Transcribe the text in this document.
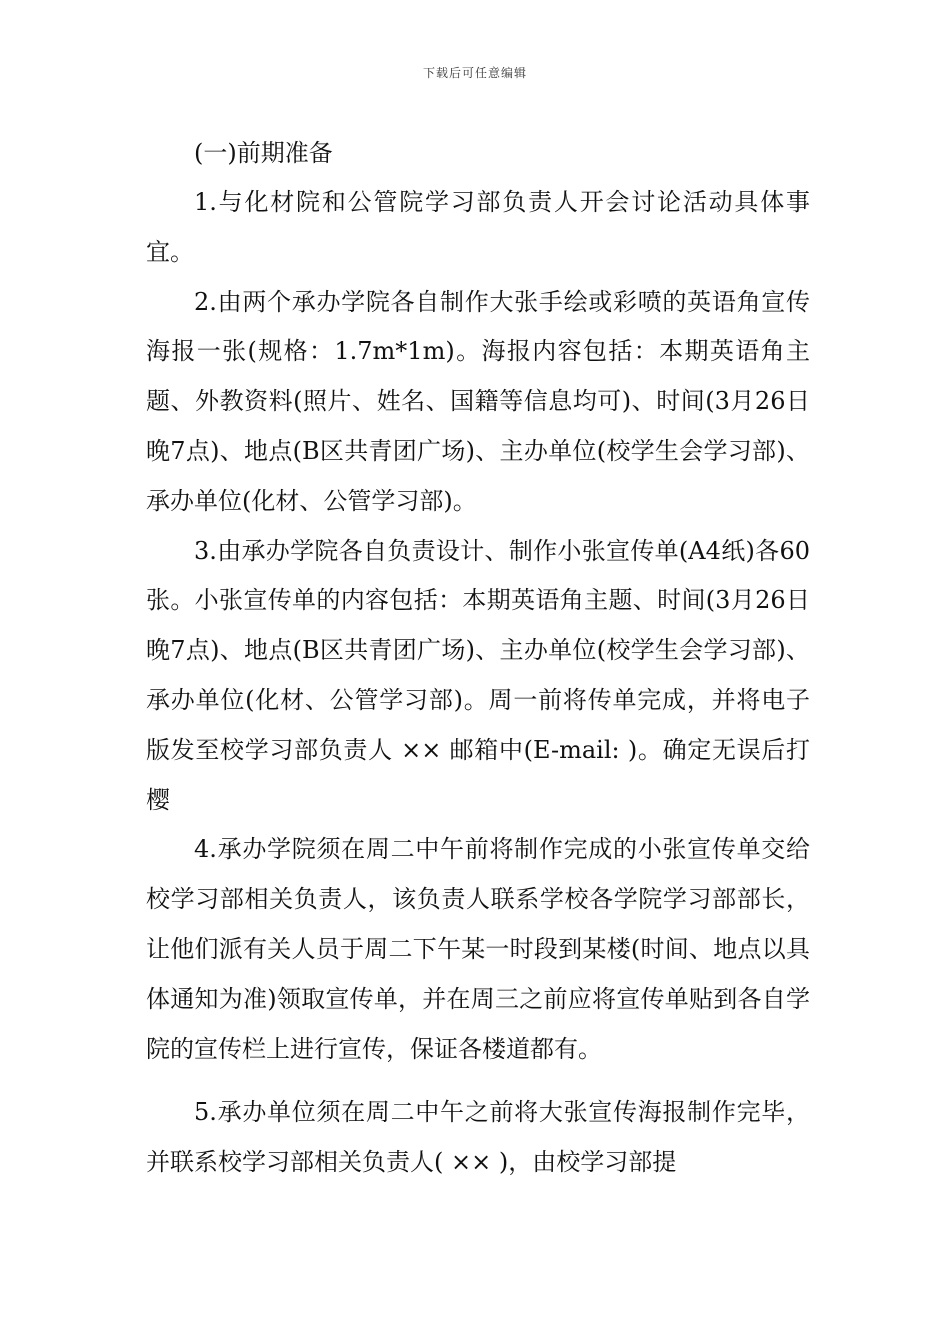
下载后可任意编辑

(一)前期准备

1.与化材院和公管院学习部负责人开会讨论活动具体事宜。

2.由两个承办学院各自制作大张手绘或彩喷的英语角宣传海报一张(规格：1.7m*1m)。海报内容包括：本期英语角主题、外教资料(照片、姓名、国籍等信息均可)、时间(3月26日晚7点)、地点(B区共青团广场)、主办单位(校学生会学习部)、承办单位(化材、公管学习部)。

3.由承办学院各自负责设计、制作小张宣传单(A4纸)各60张。小张宣传单的内容包括：本期英语角主题、时间(3月26日晚7点)、地点(B区共青团广场)、主办单位(校学生会学习部)、承办单位(化材、公管学习部)。周一前将传单完成，并将电子版发至校学习部负责人 ×× 邮箱中(E-mail: )。确定无误后打樱

4.承办学院须在周二中午前将制作完成的小张宣传单交给校学习部相关负责人，该负责人联系学校各学院学习部部长，让他们派有关人员于周二下午某一时段到某楼(时间、地点以具体通知为准)领取宣传单，并在周三之前应将宣传单贴到各自学院的宣传栏上进行宣传，保证各楼道都有。

5.承办单位须在周二中午之前将大张宣传海报制作完毕，并联系校学习部相关负责人( ×× )，由校学习部提
